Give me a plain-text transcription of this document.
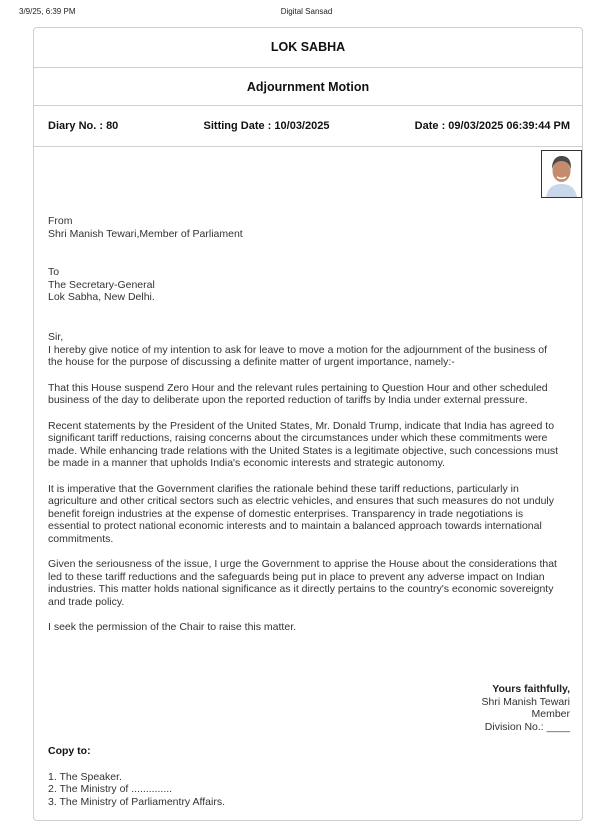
3/9/25, 6:39 PM	Digital Sansad
LOK SABHA
Adjournment Motion
Diary No. : 80	Sitting Date : 10/03/2025	Date : 09/03/2025 06:39:44 PM
From
Shri Manish Tewari,Member of Parliament
To
The Secretary-General
Lok Sabha, New Delhi.
Sir,

I hereby give notice of my intention to ask for leave to move a motion for the adjournment of the business of the house for the purpose of discussing a definite matter of urgent importance, namely:-

That this House suspend Zero Hour and the relevant rules pertaining to Question Hour and other scheduled business of the day to deliberate upon the reported reduction of tariffs by India under external pressure.

Recent statements by the President of the United States, Mr. Donald Trump, indicate that India has agreed to significant tariff reductions, raising concerns about the circumstances under which these commitments were made. While enhancing trade relations with the United States is a legitimate objective, such concessions must be made in a manner that upholds India's economic interests and strategic autonomy.

It is imperative that the Government clarifies the rationale behind these tariff reductions, particularly in agriculture and other critical sectors such as electric vehicles, and ensures that such measures do not unduly benefit foreign industries at the expense of domestic enterprises. Transparency in trade negotiations is essential to protect national economic interests and to maintain a balanced approach towards international commitments.

Given the seriousness of the issue, I urge the Government to apprise the House about the considerations that led to these tariff reductions and the safeguards being put in place to prevent any adverse impact on Indian industries. This matter holds national significance as it directly pertains to the country's economic sovereignty and trade policy.

I seek the permission of the Chair to raise this matter.

Yours faithfully,
Shri Manish Tewari
Member
Division No.: ____
Copy to:
1. The Speaker.
2. The Ministry of ..............
3. The Ministry of Parliamentry Affairs.
